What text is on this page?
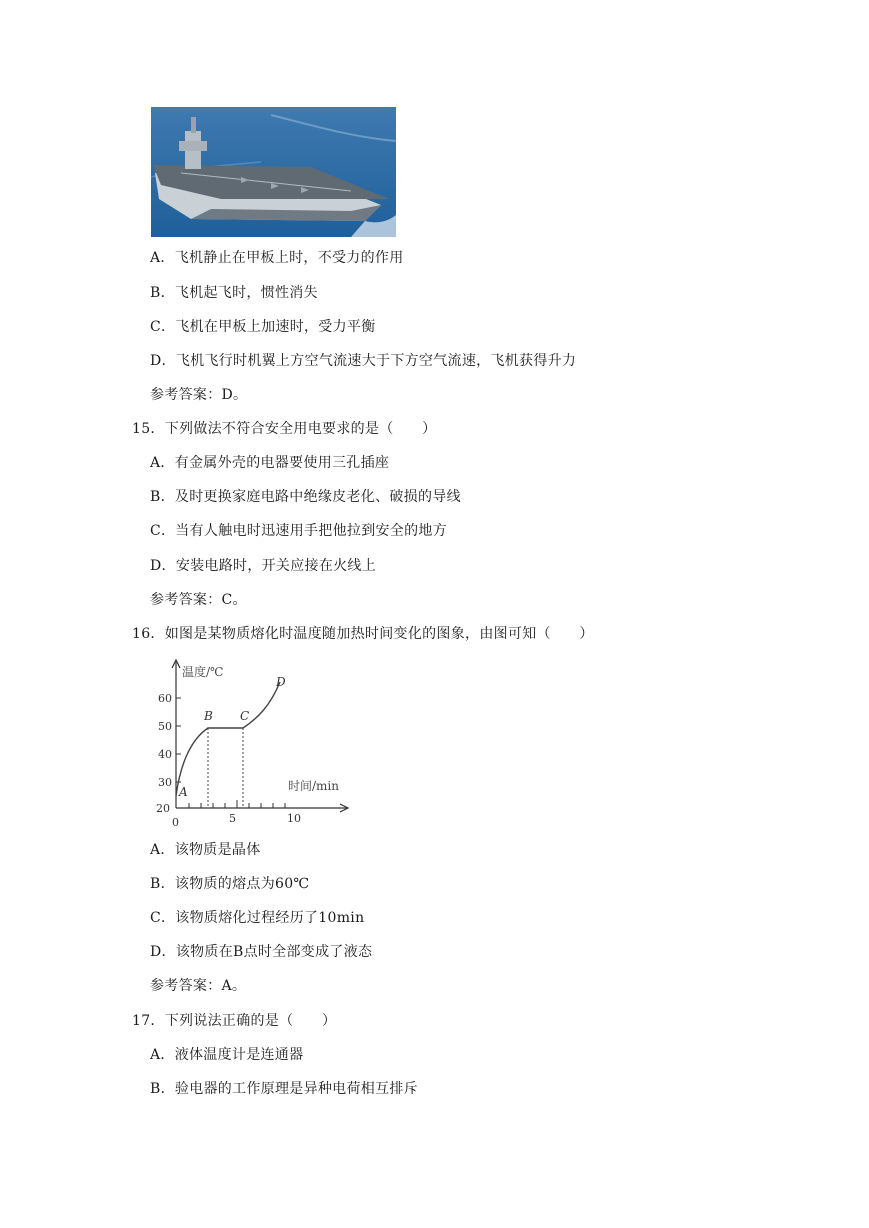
A．飞机静止在甲板上时，不受力的作用
B．飞机起飞时，惯性消失
C．飞机在甲板上加速时，受力平衡
D．飞机飞行时机翼上方空气流速大于下方空气流速，飞机获得升力
参考答案：D。
15．下列做法不符合安全用电要求的是（　　）
A．有金属外壳的电器要使用三孔插座
B．及时更换家庭电路中绝缘皮老化、破损的导线
C．当有人触电时迅速用手把他拉到安全的地方
D．安装电路时，开关应接在火线上
参考答案：C。
16．如图是某物质熔化时温度随加热时间变化的图象，由图可知（　　）
60
50
40
30
20
0	5	10
温度/℃
时间/min
A
B C
D
A．该物质是晶体
B．该物质的熔点为60℃
C．该物质熔化过程经历了10min
D．该物质在B点时全部变成了液态
参考答案：A。
17．下列说法正确的是（　　）
A．液体温度计是连通器
B．验电器的工作原理是异种电荷相互排斥
